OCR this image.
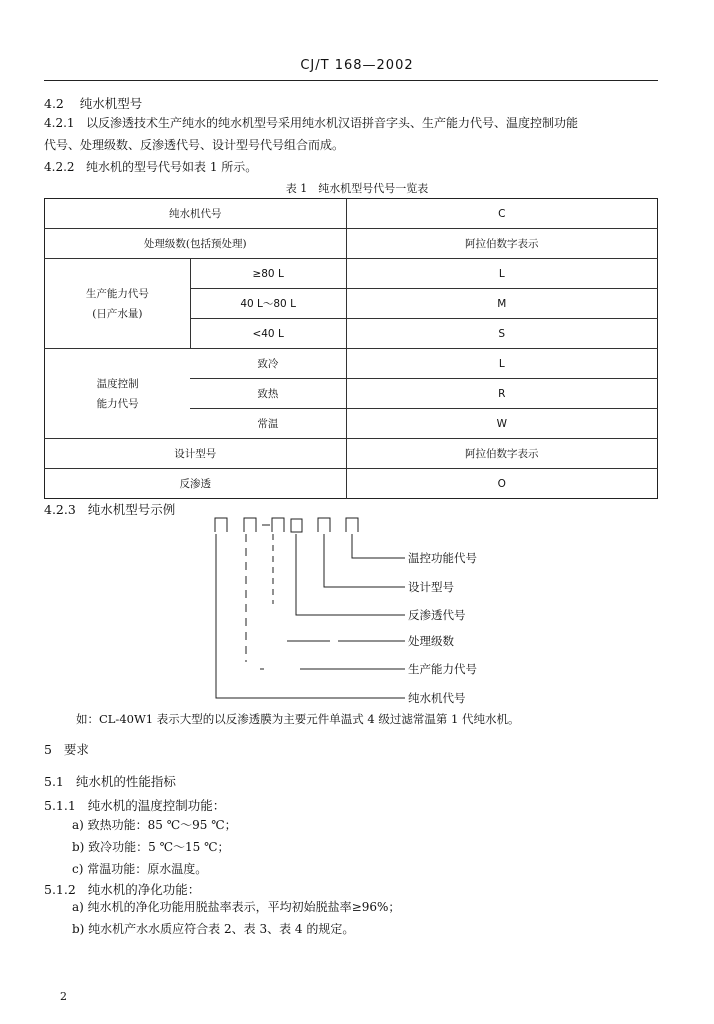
CJ/T 168—2002
4.2 纯水机型号
4.2.1 以反渗透技术生产纯水的纯水机型号采用纯水机汉语拼音字头、生产能力代号、温度控制功能
代号、处理级数、反渗透代号、设计型号代号组合而成。
4.2.2 纯水机的型号代号如表 1 所示。
表 1　纯水机型号代号一览表
纯水机代号		C
处理级数(包括预处理)		阿拉伯数字表示

生产能力代号
(日产水量)	≥80 L	L
	40 L～80 L	M
	<40 L	S

温度控制
能力代号	致冷	L
	致热	R
	常温	W
设计型号		阿拉伯数字表示
反渗透		O
4.2.3 纯水机型号示例
温控功能代号
设计型号
反渗透代号
处理级数
生产能力代号
纯水机代号
如：CL-40W1 表示大型的以反渗透膜为主要元件单温式 4 级过滤常温第 1 代纯水机。
5 要求
5.1 纯水机的性能指标
5.1.1 纯水机的温度控制功能：
a) 致热功能：85 ℃～95 ℃；
b) 致冷功能：5 ℃～15 ℃；
c) 常温功能：原水温度。
5.1.2 纯水机的净化功能：
a) 纯水机的净化功能用脱盐率表示，平均初始脱盐率≥96%；
b) 纯水机产水水质应符合表 2、表 3、表 4 的规定。
2
